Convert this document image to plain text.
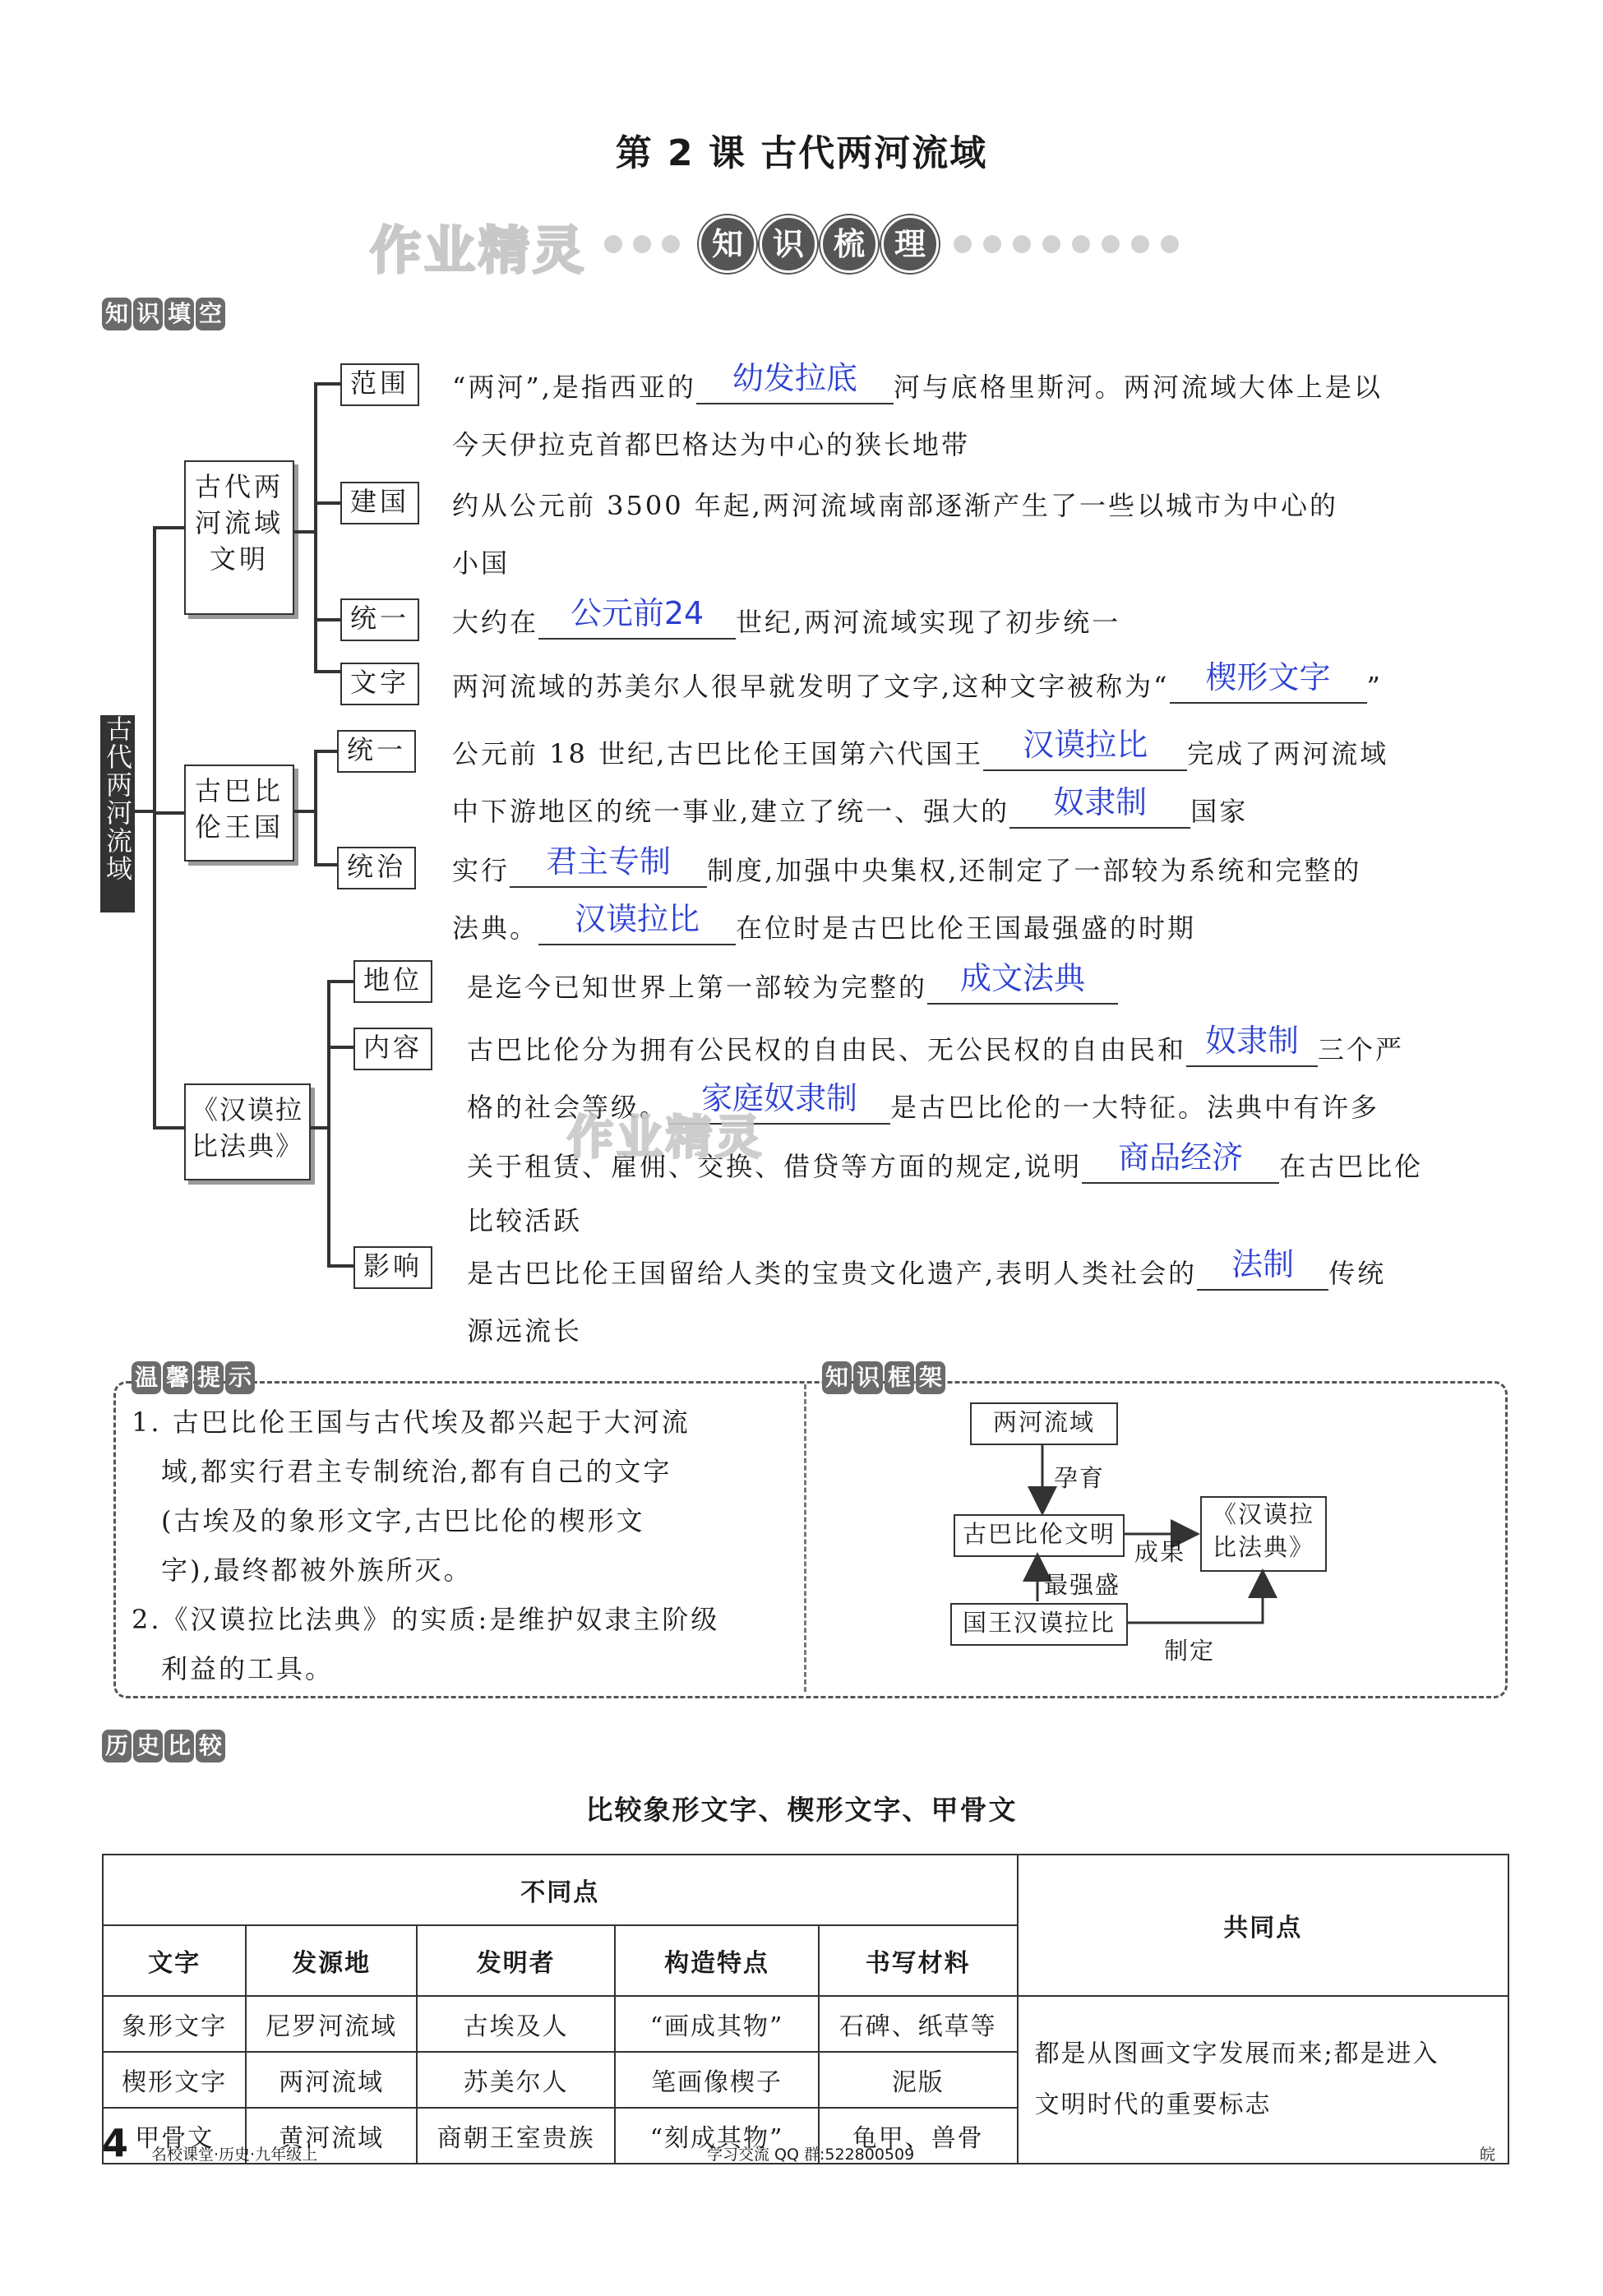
第 2 课 古代两河流域
作业精灵	知 识 梳 理
知 识 填 空
古代两河流域
古代两河流域文明
古巴比伦王国
《汉谟拉比法典》
范围
建国
统一
文字
统一
统治
地位
内容
影响
“两河”,是指西亚的	幼发拉底	河与底格里斯河。两河流域大体上是以
今天伊拉克首都巴格达为中心的狭长地带
约从公元前 3500 年起,两河流域南部逐渐产生了一些以城市为中心的
小国
大约在	公元前24	世纪,两河流域实现了初步统一
两河流域的苏美尔人很早就发明了文字,这种文字被称为“	楔形文字	”
公元前 18 世纪,古巴比伦王国第六代国王	汉谟拉比	完成了两河流域
中下游地区的统一事业,建立了统一、强大的	奴隶制	国家
实行	君主专制	制度,加强中央集权,还制定了一部较为系统和完整的
法典。	汉谟拉比	在位时是古巴比伦王国最强盛的时期
是迄今已知世界上第一部较为完整的	成文法典

古巴比伦分为拥有公民权的自由民、无公民权的自由民和 奴隶制 三个严
格的社会等级。	家庭奴隶制	是古巴比伦的一大特征。法典中有许多
关于租赁、雇佣、交换、借贷等方面的规定,说明	商品经济	在古巴比伦
比较活跃
是古巴比伦王国留给人类的宝贵文化遗产,表明人类社会的	法制	传统
源远流长
作业精灵
温 馨 提 示	知 识 框 架
1. 古巴比伦王国与古代埃及都兴起于大河流
域,都实行君主专制统治,都有自己的文字
(古埃及的象形文字,古巴比伦的楔形文
字),最终都被外族所灭。
2.《汉谟拉比法典》的实质:是维护奴隶主阶级
利益的工具。
两河流域
古巴比伦文明
《汉谟拉
比法典》
国王汉谟拉比
孕育
成果
最强盛
制定
历 史 比 较
比较象形文字、楔形文字、甲骨文
不同点					共同点
文字	发源地	发明者	构造特点	书写材料	
象形文字	尼罗河流域	古埃及人	“画成其物”	石碑、纸草等	都是从图画文字发展而来;都是进入
文明时代的重要标志

楔形文字	两河流域	苏美尔人	笔画像楔子	泥版	
甲骨文	黄河流域	商朝王室贵族	“刻成其物”	龟甲、兽骨	
4 名校课堂·历史·九年级上	学习交流 QQ 群:522800509	皖
